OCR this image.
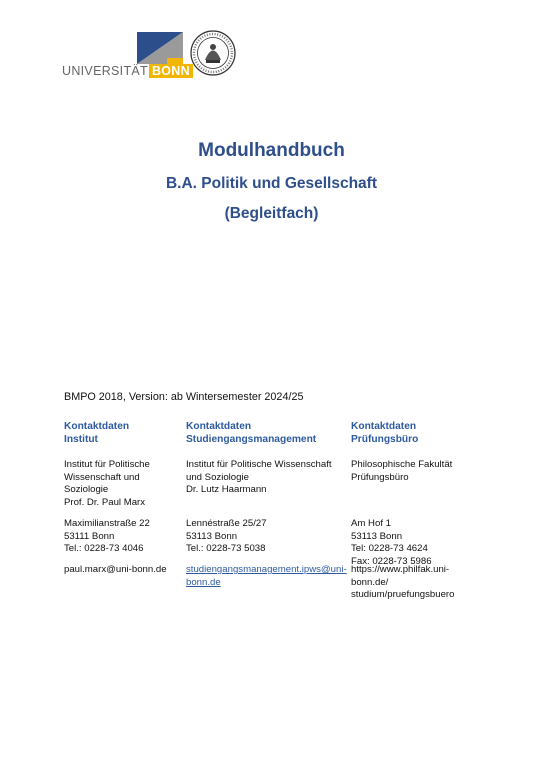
UNIVERSITÄT BONN
Modulhandbuch
B.A. Politik und Gesellschaft
(Begleitfach)
BMPO 2018, Version: ab Wintersemester 2024/25
Kontaktdaten
Institut
Institut für Politische
Wissenschaft und
Soziologie
Prof. Dr. Paul Marx
Maximilianstraße 22
53111 Bonn
Tel.: 0228-73 4046
paul.marx@uni-bonn.de
Kontaktdaten
Studiengangsmanagement
Institut für Politische Wissenschaft
und Soziologie
Dr. Lutz Haarmann
Lennéstraße 25/27
53113 Bonn
Tel.: 0228-73 5038
studiengangsmanagement.ipws@uni-
bonn.de
Kontaktdaten
Prüfungsbüro
Philosophische Fakultät
Prüfungsbüro
Am Hof 1
53113 Bonn
Tel: 0228-73 4624
Fax: 0228-73 5986
https://www.philfak.uni-
bonn.de/
studium/pruefungsbuero
